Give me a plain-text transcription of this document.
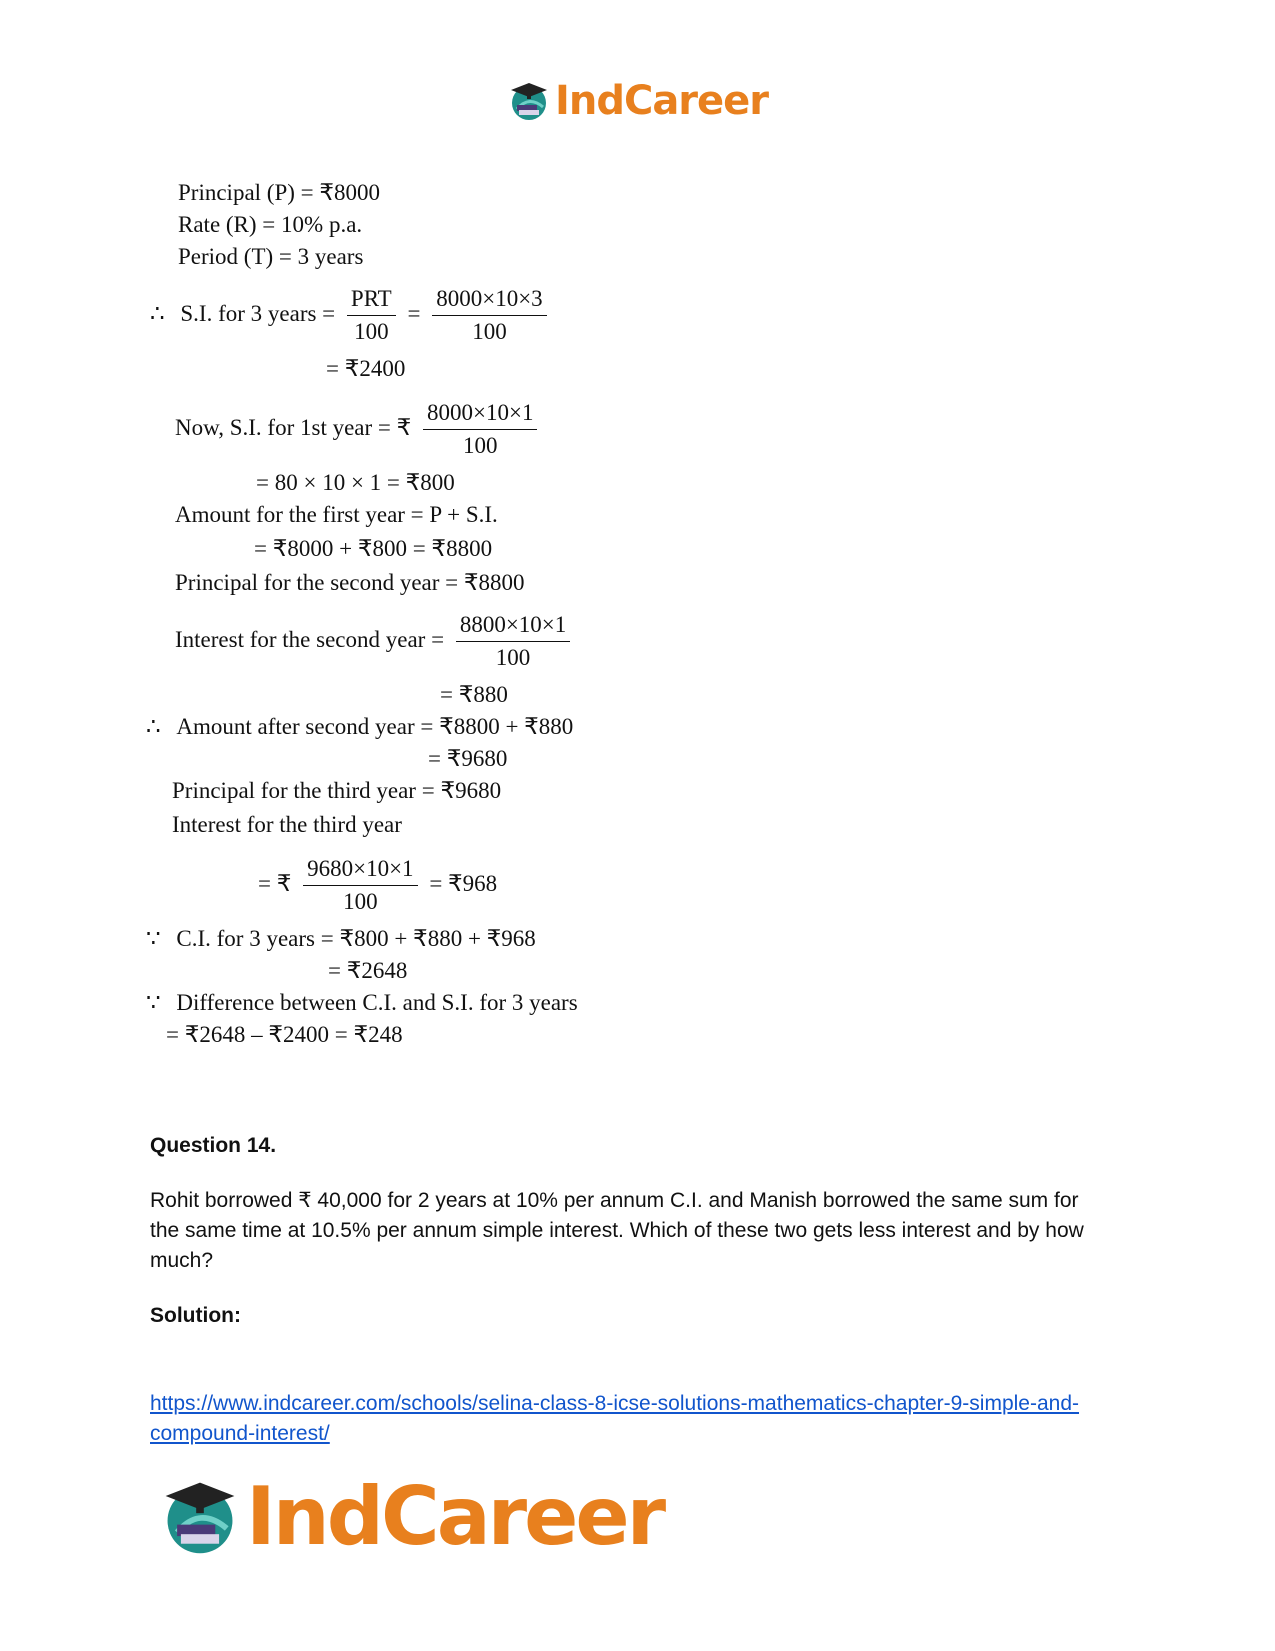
IndCareer
Principal (P) = ₹8000
Rate (R) = 10% p.a.
Period (T) = 3 years
∴ S.I. for 3 years = $\frac{\text{PRT}}{100} = \frac{8000\times 10\times 3}{100}$
= ₹2400
Now, S.I. for 1st year = ₹ $\frac{8000\times 10\times 1}{100}$
= 80 × 10 × 1 = ₹800
Amount for the first year = P + S.I.
= ₹8000 + ₹800 = ₹8800
Principal for the second year = ₹8800
Interest for the second year = $\frac{8800\times 10\times 1}{100}$
= ₹880
∴ Amount after second year = ₹8800 + ₹880
= ₹9680
Principal for the third year = ₹9680
Interest for the third year
= ₹ $\frac{9680\times 10\times 1}{100}$ = ₹968
∵ C.I. for 3 years = ₹800 + ₹880 + ₹968
= ₹2648
∵ Difference between C.I. and S.I. for 3 years
= ₹2648 – ₹2400 = ₹248
Question 14.
Rohit borrowed ₹ 40,000 for 2 years at 10% per annum C.I. and Manish borrowed the same sum for the same time at 10.5% per annum simple interest. Which of these two gets less interest and by how much?
Solution:
https://www.indcareer.com/schools/selina-class-8-icse-solutions-mathematics-chapter-9-simple-and-compound-interest/
IndCareer
